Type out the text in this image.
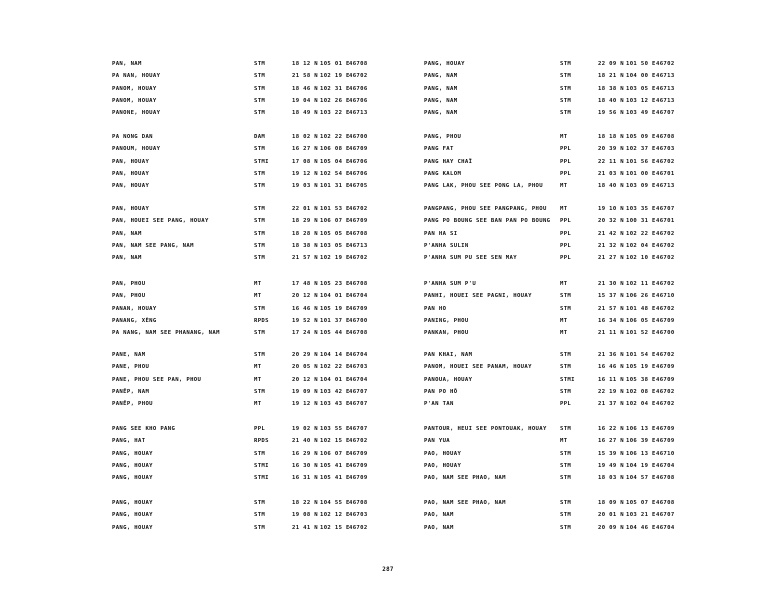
PAN, NAM	STM	18 12 N 105 01 E 46708
PA NAN, HOUAY	STM	21 58 N 102 19 E 46702
PANOM, HOUAY	STM	18 46 N 102 31 E 46706
PANOM, HOUAY	STM	19 04 N 102 26 E 46706
PANONE, HOUAY	STM	18 49 N 103 22 E 46713
PA NONG DAN	DAM	18 02 N 102 22 E 46700
PANOUM, HOUAY	STM	16 27 N 106 08 E 46709
PAN, HOUAY	STMI	17 08 N 105 04 E 46706
PAN, HOUAY	STM	19 12 N 102 54 E 46706
PAN, HOUAY	STM	19 03 N 101 31 E 46705
PAN, HOUAY	STM	22 01 N 101 53 E 46702
PAN, HOUEI SEE PANG, HOUAY	STM	18 29 N 106 07 E 46709
PAN, NAM	STM	18 28 N 105 05 E 46708
PAN, NAM SEE PANG, NAM	STM	18 38 N 103 05 E 46713
PAN, NAM	STM	21 57 N 102 19 E 46702
PAN, PHOU	MT	17 48 N 105 23 E 46708
PAN, PHOU	MT	20 12 N 104 01 E 46704
PANAN, HOUAY	STM	16 46 N 105 19 E 46709
PANANG, XÈNG	RPDS	19 52 N 101 37 E 46700
PA NANG, NAM SEE PHANANG, NAM	STM	17 24 N 105 44 E 46708
PANE, NAM	STM	20 29 N 104 14 E 46704
PANE, PHOU	MT	20 05 N 102 22 E 46703
PANE, PHOU SEE PAN, PHOU	MT	20 12 N 104 01 E 46704
PANÊP, NAM	STM	19 09 N 103 42 E 46707
PANÊP, PHOU	MT	19 12 N 103 43 E 46707
PANG SEE KHO PANG	PPL	19 02 N 103 55 E 46707
PANG, HAT	RPDS	21 40 N 102 15 E 46702
PANG, HOUAY	STM	16 29 N 106 07 E 46709
PANG, HOUAY	STMI	16 30 N 105 41 E 46709
PANG, HOUAY	STMI	16 31 N 105 41 E 46709
PANG, HOUAY	STM	18 22 N 104 55 E 46708
PANG, HOUAY	STM	19 08 N 102 12 E 46703
PANG, HOUAY	STM	21 41 N 102 15 E 46702
PANG, HOUAY	STM	22 09 N 101 50 E 46702
PANG, NAM	STM	18 21 N 104 00 E 46713
PANG, NAM	STM	18 38 N 103 05 E 46713
PANG, NAM	STM	18 40 N 103 12 E 46713
PANG, NAM	STM	19 56 N 103 49 E 46707
PANG, PHOU	MT	18 18 N 105 09 E 46708
PANG FAT	PPL	20 39 N 102 37 E 46703
PANG HAY CHAÏ	PPL	22 11 N 101 56 E 46702
PANG KALOM	PPL	21 03 N 101 00 E 46701
PANG LAK, PHOU SEE PONG LA, PHOU	MT	18 40 N 103 09 E 46713
PANGPANG, PHOU SEE PANGPANG, PHOU MT	19 10 N 103 35 E 46707
PANG PO BOUNG SEE BAN PAN PO BOUNG PPL	20 32 N 100 31 E 46701
PAN HA SI	PPL	21 42 N 102 22 E 46702
P'ANHA SULIN	PPL	21 32 N 102 04 E 46702
P'ANHA SUM PU SEE SEN MAY	PPL	21 27 N 102 10 E 46702
P'ANHA SUM P'U	MT	21 30 N 102 11 E 46702
PANHI, HOUEI SEE PAGNI, HOUAY	STM	15 37 N 106 26 E 46710
PAN HO	STM	21 57 N 101 48 E 46702
PANING, PHOU	MT	16 34 N 106 05 E 46709
PANKAN, PHOU	MT	21 11 N 101 52 E 46700
PAN KHAI, NAM	STM	21 36 N 101 54 E 46702
PANOM, HOUEI SEE PANAM, HOUAY	STM	16 46 N 105 19 E 46709
PANOUA, HOUAY	STMI	16 11 N 105 38 E 46709
PAN PO HÔ	STM	22 19 N 102 08 E 46702
P'AN TAN	PPL	21 37 N 102 04 E 46702
PANTOUR, HEUI SEE PONTOUAK, HOUAY STM	16 22 N 106 13 E 46709
PAN YUA	MT	16 27 N 106 39 E 46709
PAO, HOUAY	STM	15 39 N 106 13 E 46710
PAO, HOUAY	STM	19 49 N 104 19 E 46704
PAO, NAM SEE PHAO, NAM	STM	18 03 N 104 57 E 46708
PAO, NAM SEE PHAO, NAM	STM	18 09 N 105 07 E 46708
PAO, NAM	STM	20 01 N 103 21 E 46707
PAO, NAM	STM	20 09 N 104 46 E 46704
287
